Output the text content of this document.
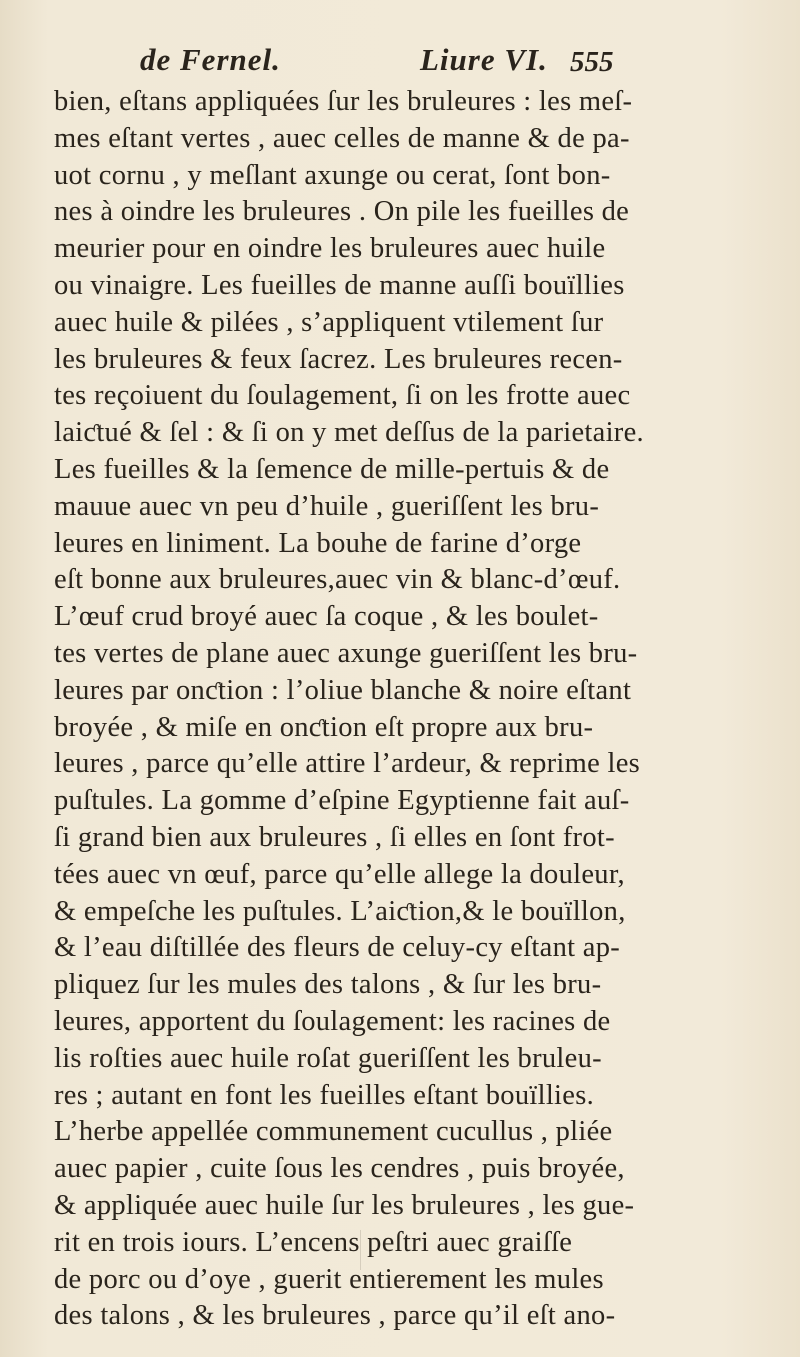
de Fernel.	Liure VI. 555
bien, eſtans appliquées ſur les bruleures : les meſ-
mes eſtant vertes , auec celles de manne & de pa-
uot cornu , y meſlant axunge ou cerat, ſont bon-
nes à oindre les bruleures . On pile les fueilles de
meurier pour en oindre les bruleures auec huile
ou vinaigre. Les fueilles de manne auſſi bouïllies
auec huile & pilées , s’appliquent vtilement ſur
les bruleures & feux ſacrez. Les bruleures recen-
tes reçoiuent du ſoulagement, ſi on les frotte auec
laiƈtué & ſel : & ſi on y met deſſus de la parietaire.
Les fueilles & la ſemence de mille-pertuis & de
mauue auec vn peu d’huile , gueriſſent les bru-
leures en liniment. La bouhe de farine d’orge
eſt bonne aux bruleures,auec vin & blanc-d’œuf.
L’œuf crud broyé auec ſa coque , & les boulet-
tes vertes de plane auec axunge gueriſſent les bru-
leures par onƈtion : l’oliue blanche & noire eſtant
broyée , & miſe en onƈtion eſt propre aux bru-
leures , parce qu’elle attire l’ardeur, & reprime les
puſtules. La gomme d’eſpine Egyptienne fait auſ-
ſi grand bien aux bruleures , ſi elles en ſont frot-
tées auec vn œuf, parce qu’elle allege la douleur,
& empeſche les puſtules. L’aiƈtion,& le bouïllon,
& l’eau diſtillée des fleurs de celuy-cy eſtant ap-
pliquez ſur les mules des talons , & ſur les bru-
leures, apportent du ſoulagement: les racines de
lis roſties auec huile roſat gueriſſent les bruleu-
res ; autant en font les fueilles eſtant bouïllies.
L’herbe appellée communement cucullus , pliée
auec papier , cuite ſous les cendres , puis broyée,
& appliquée auec huile ſur les bruleures , les gue-
rit en trois iours. L’encens peſtri auec graiſſe
de porc ou d’oye , guerit entierement les mules
des talons , & les bruleures , parce qu’il eſt ano-
